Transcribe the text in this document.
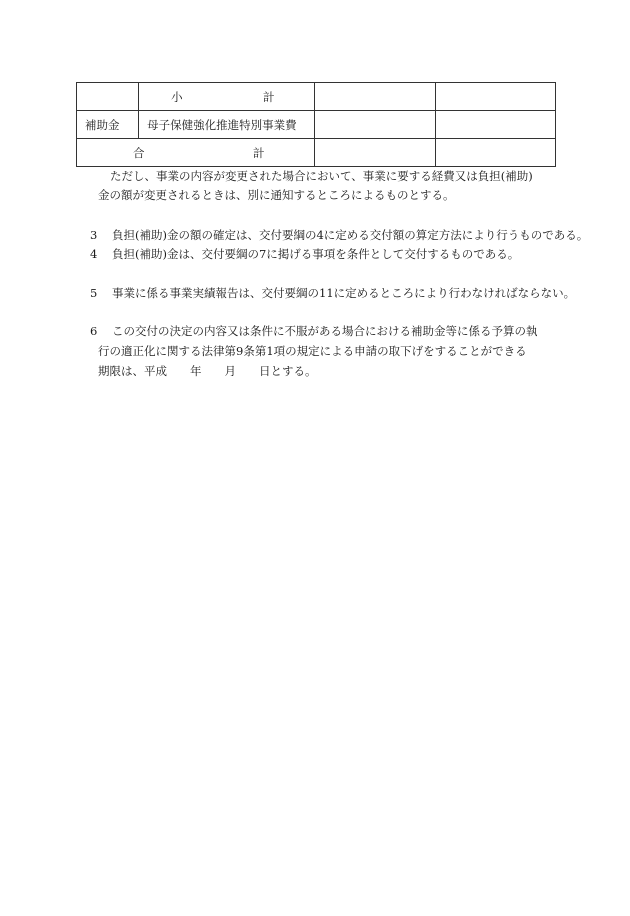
	小 計		

補助金	母子保健強化推進特別事業費		

合 計			

ただし、事業の内容が変更された場合において、事業に要する経費又は負担(補助)
金の額が変更されるときは、別に通知するところによるものとする。
3 負担(補助)金の額の確定は、交付要綱の4に定める交付額の算定方法により行うものである。
4 負担(補助)金は、交付要綱の7に掲げる事項を条件として交付するものである。
5 事業に係る事業実績報告は、交付要綱の11に定めるところにより行わなければならない。
6 この交付の決定の内容又は条件に不服がある場合における補助金等に係る予算の執
行の適正化に関する法律第9条第1項の規定による申請の取下げをすることができる
期限は、平成　　年　　月　　日とする。
